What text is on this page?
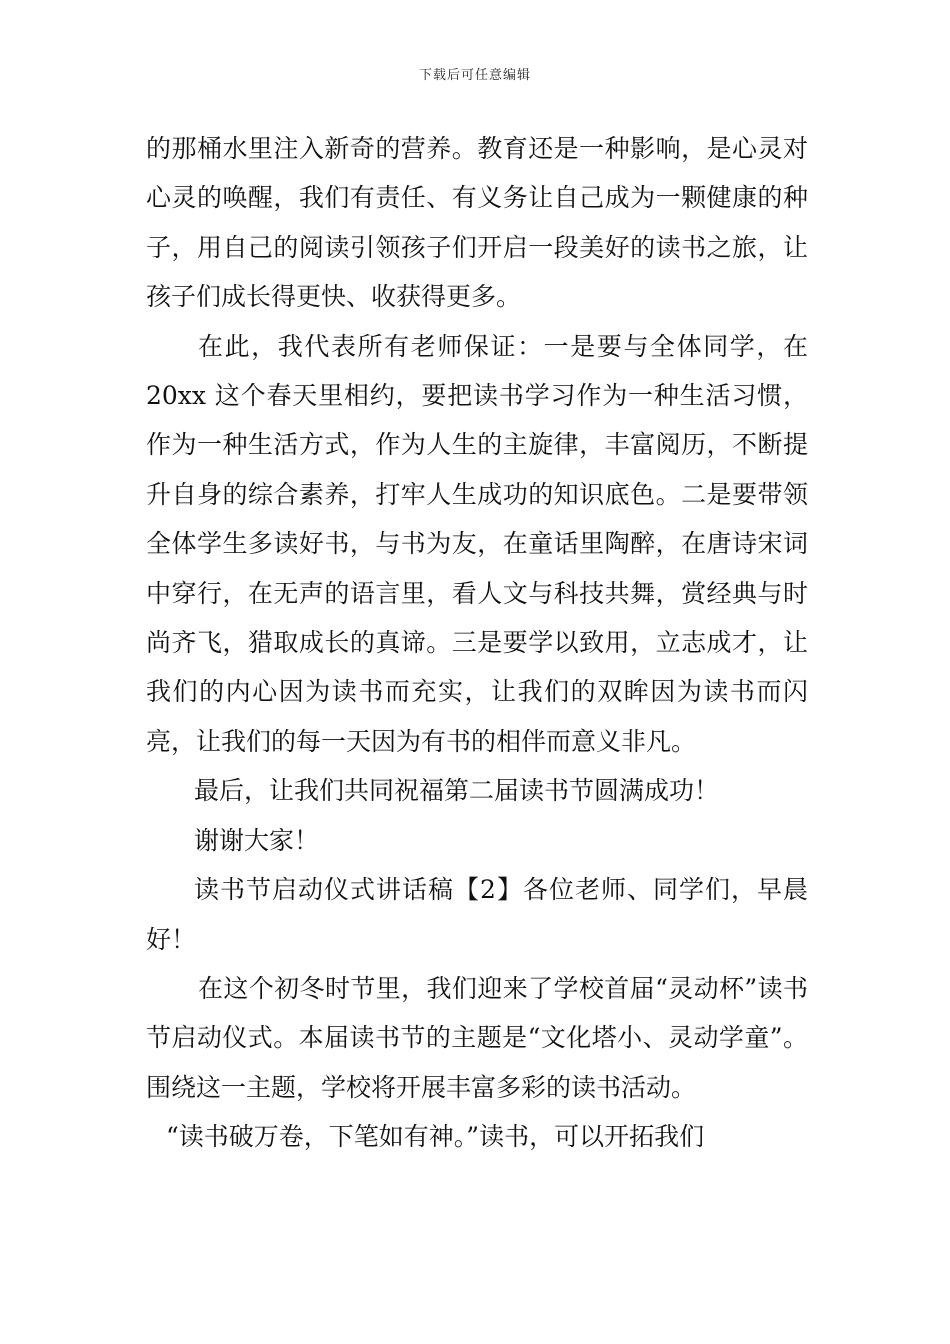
下载后可任意编辑

的那桶水里注入新奇的营养。教育还是一种影响，是心灵对心灵的唤醒，我们有责任、有义务让自己成为一颗健康的种子，用自己的阅读引领孩子们开启一段美好的读书之旅，让孩子们成长得更快、收获得更多。

在此，我代表所有老师保证：一是要与全体同学，在 20xx 这个春天里相约，要把读书学习作为一种生活习惯，作为一种生活方式，作为人生的主旋律，丰富阅历，不断提升自身的综合素养，打牢人生成功的知识底色。二是要带领全体学生多读好书，与书为友，在童话里陶醉，在唐诗宋词中穿行，在无声的语言里，看人文与科技共舞，赏经典与时尚齐飞，猎取成长的真谛。三是要学以致用，立志成才，让我们的内心因为读书而充实，让我们的双眸因为读书而闪亮，让我们的每一天因为有书的相伴而意义非凡。

最后，让我们共同祝福第二届读书节圆满成功！

谢谢大家！

读书节启动仪式讲话稿【2】各位老师、同学们，早晨好！

在这个初冬时节里，我们迎来了学校首届“灵动杯”读书节启动仪式。本届读书节的主题是“文化塔小、灵动学童”。 围绕这一主题，学校将开展丰富多彩的读书活动。

“读书破万卷，下笔如有神。”读书，可以开拓我们
